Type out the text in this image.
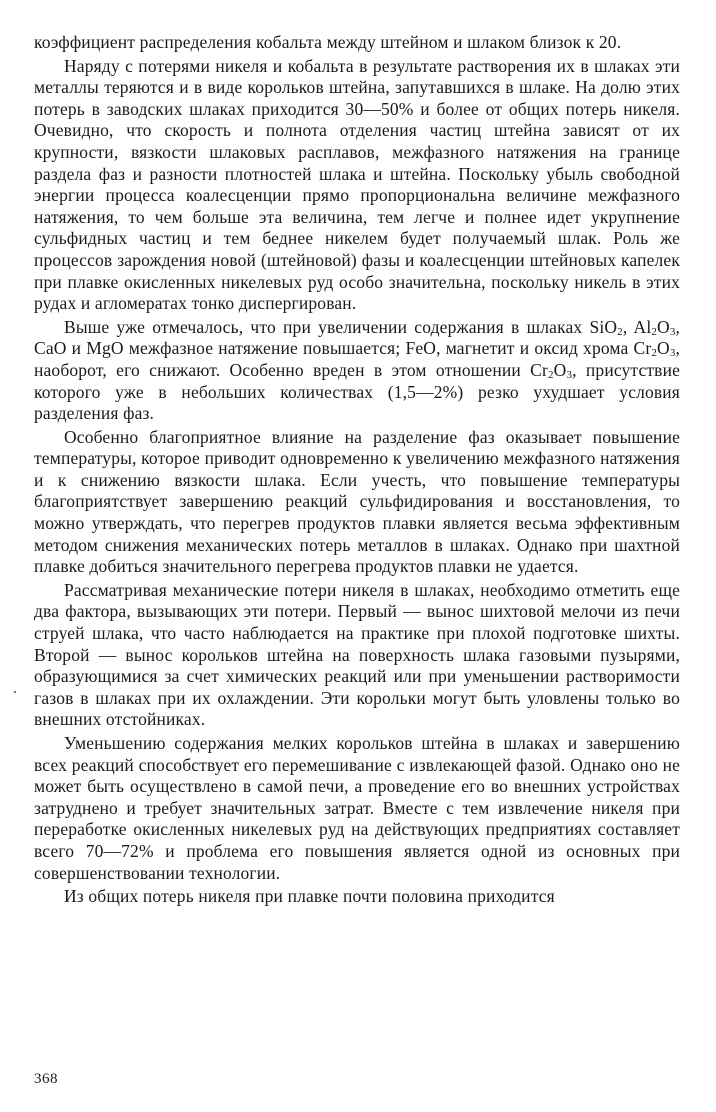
коэффициент распределения кобальта между штейном и шлаком близок к 20.

Наряду с потерями никеля и кобальта в результате растворения их в шлаках эти металлы теряются и в виде корольков штейна, запутавшихся в шлаке. На долю этих потерь в заводских шлаках приходится 30—50% и более от общих потерь никеля. Очевидно, что скорость и полнота отделения частиц штейна зависят от их крупности, вязкости шлаковых расплавов, межфазного натяжения на границе раздела фаз и разности плотностей шлака и штейна. Поскольку убыль свободной энергии процесса коалесценции прямо пропорциональна величине межфазного натяжения, то чем больше эта величина, тем легче и полнее идет укрупнение сульфидных частиц и тем беднее никелем будет получаемый шлак. Роль же процессов зарождения новой (штейновой) фазы и коалесценции штейновых капелек при плавке окисленных никелевых руд особо значительна, поскольку никель в этих рудах и агломератах тонко диспергирован.

Выше уже отмечалось, что при увеличении содержания в шлаках SiO$_2$, $Al_2O_3$, CaO и MgO межфазное натяжение повышается; FeO, магнетит и оксид хрома $Cr_2O_3$, наоборот, его снижают. Особенно вреден в этом отношении $Cr_2O_3$, присутствие которого уже в небольших количествах (1,5—2%) резко ухудшает условия разделения фаз.

Особенно благоприятное влияние на разделение фаз оказывает повышение температуры, которое приводит одновременно к увеличению межфазного натяжения и к снижению вязкости шлака. Если учесть, что повышение температуры благоприятствует завершению реакций сульфидирования и восстановления, то можно утверждать, что перегрев продуктов плавки является весьма эффективным методом снижения механических потерь металлов в шлаках. Однако при шахтной плавке добиться значительного перегрева продуктов плавки не удается.

Рассматривая механические потери никеля в шлаках, необходимо отметить еще два фактора, вызывающих эти потери. Первый — вынос шихтовой мелочи из печи струей шлака, что часто наблюдается на практике при плохой подготовке шихты. Второй — вынос корольков штейна на поверхность шлака газовыми пузырями, образующимися за счет химических реакций или при уменьшении растворимости газов в шлаках при их охлаждении. Эти корольки могут быть уловлены только во внешних отстойниках.

Уменьшению содержания мелких корольков штейна в шлаках и завершению всех реакций способствует его перемешивание с извлекающей фазой. Однако оно не может быть осуществлено в самой печи, а проведение его во внешних устройствах затруднено и требует значительных затрат. Вместе с тем извлечение никеля при переработке окисленных никелевых руд на действующих предприятиях составляет всего 70—72% и проблема его повышения является одной из основных при совершенствовании технологии.

Из общих потерь никеля при плавке почти половина приходится

368
